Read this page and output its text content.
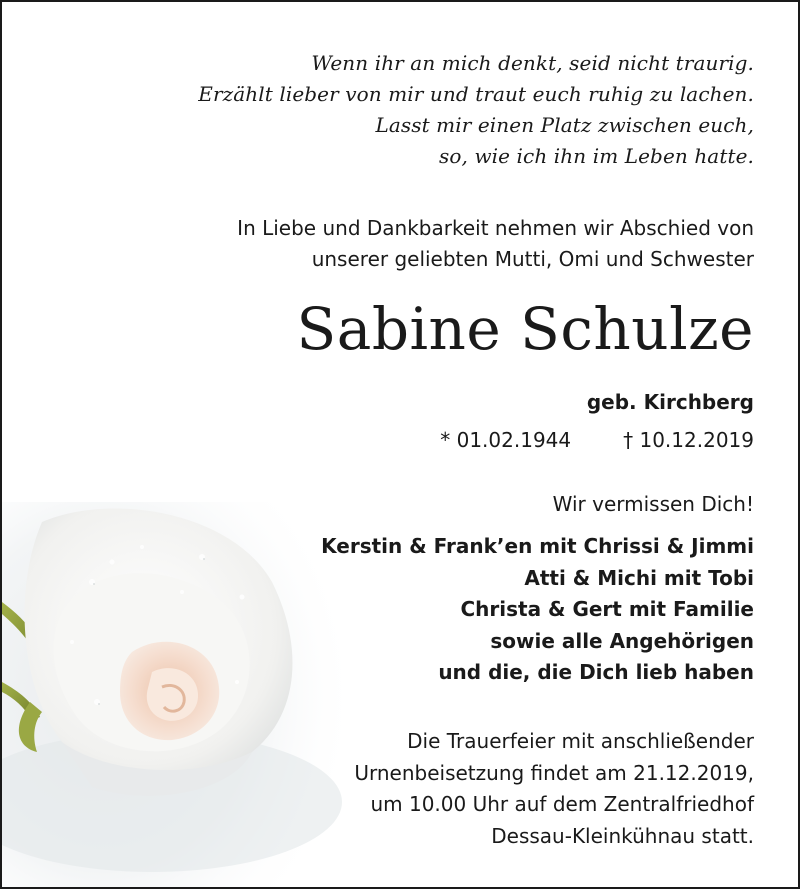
Wenn ihr an mich denkt, seid nicht traurig.
Erzählt lieber von mir und traut euch ruhig zu lachen.
Lasst mir einen Platz zwischen euch,
so, wie ich ihn im Leben hatte.
In Liebe und Dankbarkeit nehmen wir Abschied von
unserer geliebten Mutti, Omi und Schwester
Sabine Schulze
geb. Kirchberg
* 01.02.1944	† 10.12.2019
Wir vermissen Dich!
Kerstin & Frank’en mit Chrissi & Jimmi
Atti & Michi mit Tobi
Christa & Gert mit Familie
sowie alle Angehörigen
und die, die Dich lieb haben
Die Trauerfeier mit anschließender
Urnenbeisetzung findet am 21.12.2019,
um 10.00 Uhr auf dem Zentralfriedhof
Dessau-Kleinkühnau statt.
